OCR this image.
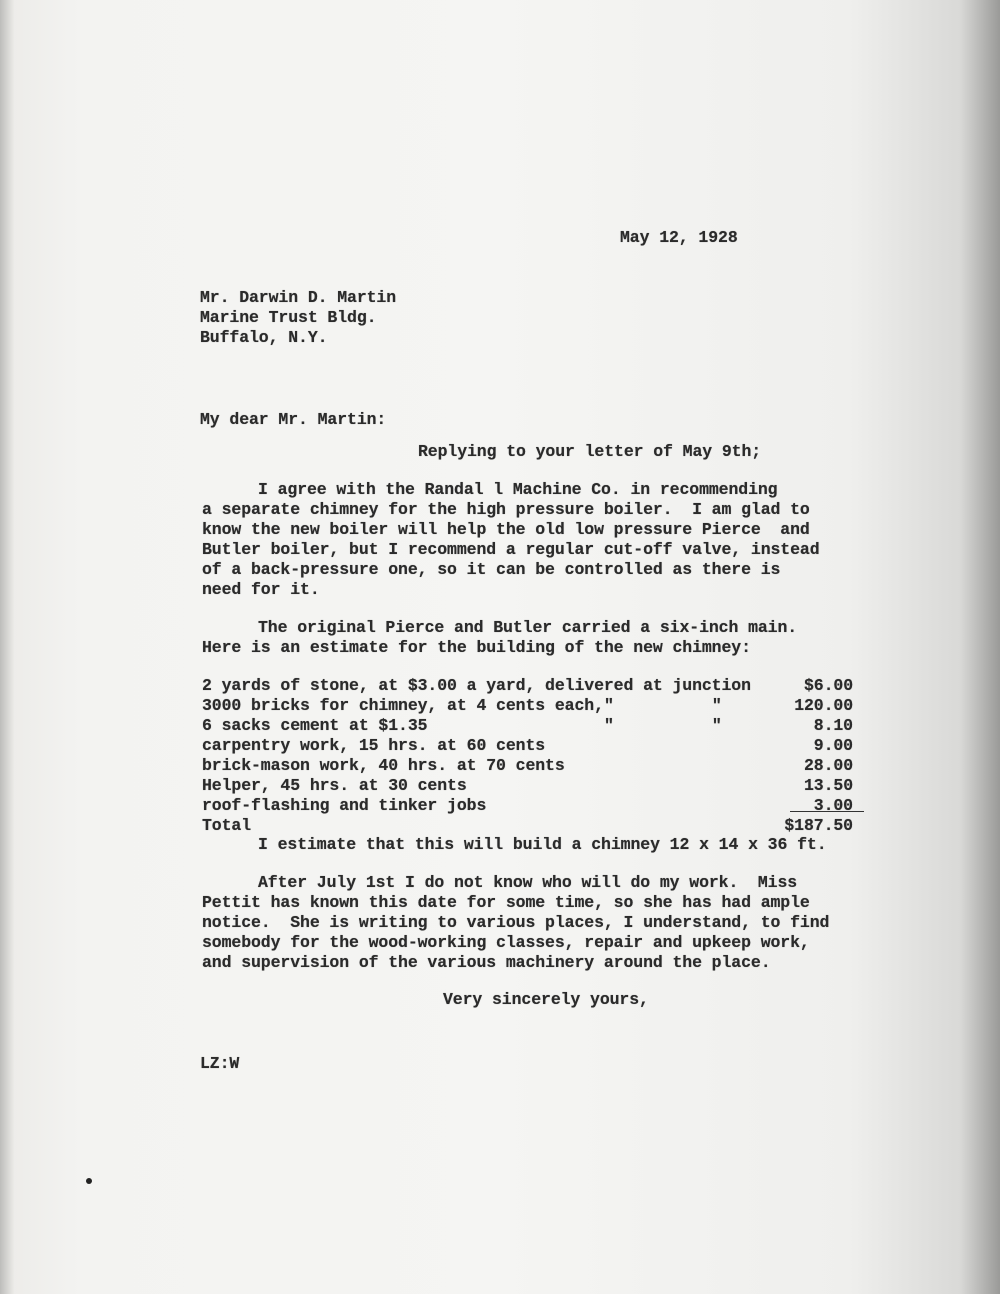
May 12, 1928
Mr. Darwin D. Martin
Marine Trust Bldg.
Buffalo, N.Y.
My dear Mr. Martin:
Replying to your letter of May 9th;
I agree with the Randal l Machine Co. in recommending
a separate chimney for the high pressure boiler.  I am glad to
know the new boiler will help the old low pressure Pierce  and
Butler boiler, but I recommend a regular cut-off valve, instead
of a back-pressure one, so it can be controlled as there is
need for it.
The original Pierce and Butler carried a six-inch main.
Here is an estimate for the building of the new chimney:
2 yards of stone, at $3.00 a yard, delivered at junction	$6.00
3000 bricks for chimney, at 4 cents each, "          "	120.00
6 sacks cement at $1.35	"          "	8.10
carpentry work, 15 hrs. at 60 cents	9.00
brick-mason work, 40 hrs. at 70 cents	28.00
Helper, 45 hrs. at 30 cents	13.50
roof-flashing and tinker jobs	3.00
Total	$187.50
I estimate that this will build a chimney 12 x 14 x 36 ft.
After July 1st I do not know who will do my work.  Miss
Pettit has known this date for some time, so she has had ample
notice.  She is writing to various places, I understand, to find
somebody for the wood-working classes, repair and upkeep work,
and supervision of the various machinery around the place.
Very sincerely yours,
LZ:W
